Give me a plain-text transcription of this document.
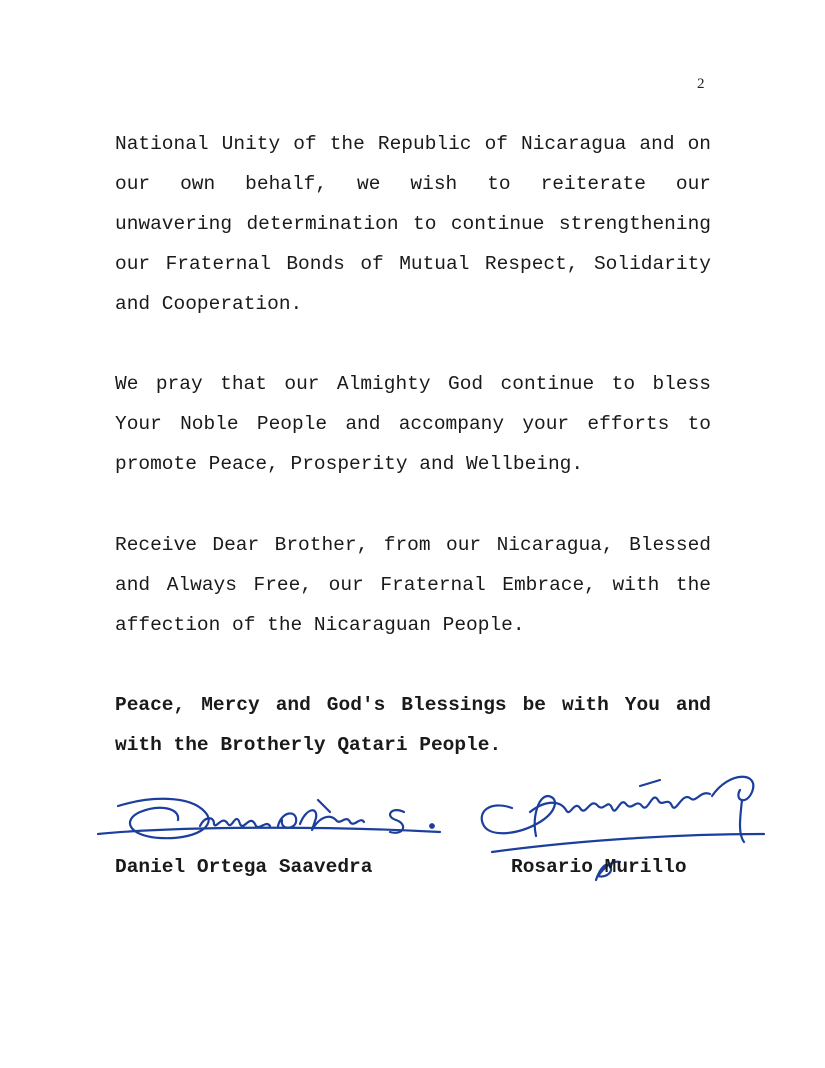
2

National Unity of the Republic of Nicaragua and on our own behalf, we wish to reiterate our unwavering determination to continue strengthening our Fraternal Bonds of Mutual Respect, Solidarity and Cooperation.

We pray that our Almighty God continue to bless Your Noble People and accompany your efforts to promote Peace, Prosperity and Wellbeing.

Receive Dear Brother, from our Nicaragua, Blessed and Always Free, our Fraternal Embrace, with the affection of the Nicaraguan People.

Peace, Mercy and God's Blessings be with You and with the Brotherly Qatari People.

Daniel Ortega Saavedra	Rosario Murillo
